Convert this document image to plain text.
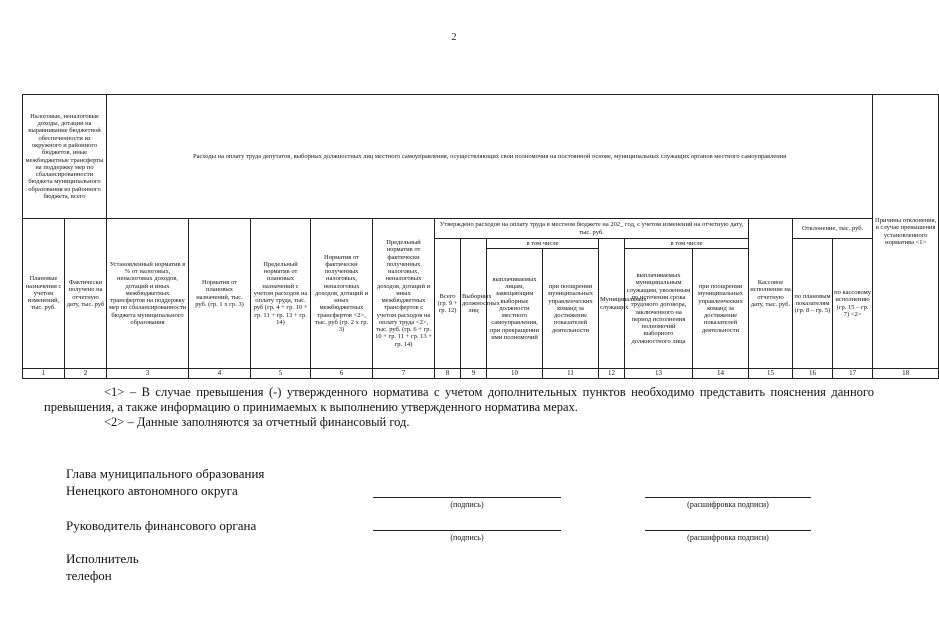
2
Налоговые, неналоговые доходы, дотации на выравнивание бюджетной обеспеченности из окружного и районного бюджетов, иные межбюджетные трансферты на поддержку мер по сбалансированности бюджета муниципального образования из районного бюджета, всего		Расходы на оплату труда депутатов, выборных должностных лиц местного самоуправления, осуществляющих свои полномочия на постоянной основе, муниципальных служащих органов местного самоуправления															Причины отклонения, в случае превышения установленного норматива <1>
Плановые назначения с учетом изменений, тыс. руб.	Фактически получено на отчетную дату, тыс. руб	Установленный норматив в % от налоговых, неналоговых доходов, дотаций и иных межбюджетных трансфертов на поддержку мер по сбалансированности бюджета муниципального образования	Норматив от плановых назначений, тыс. руб. (гр. 1 х гр. 3)	Предельный норматив от плановых назначений с учетом расходов на оплату труда, тыс. руб (гр. 4 + гр. 10 + гр. 11 + гр. 13 + гр. 14)	Норматив от фактически полученных налоговых, неналоговых доходов, дотаций и иных межбюджетных трансфертов <2>, тыс. руб (гр. 2 х гр. 3)	Предельный норматив от фактически полученных налоговых, неналоговых доходов, дотаций и иных межбюджетных трансфертов с учетом расходов на оплату труда <2>, тыс. руб. (гр. 6 + гр. 10 + гр. 11 + гр. 13 + гр. 14)	Утверждено расходов на оплату труда в местном бюджете на 202_ год, с учетом изменений на отчетную дату, тыс. руб.							Кассовое исполнение на отчетную дату, тыс. руб.	Отклонение, тыс. руб.		
							Всего (гр. 9 + гр. 12)	Выборных должностных лиц	в том числе		Муниципальных служащих	в том числе			по плановым показателям (гр. 8 – гр. 5)	по кассовому исполнению (гр. 15 – гр. 7) <2>	
									выплачиваемых лицам, замещающим выборные должности местного самоуправления, при прекращении ими полномочий	при поощрении муниципальных управленческих команд за достижение показателей деятельности		выплачиваемых муниципальным служащим, уволенным по истечении срока трудового договора, заключенного на период исполнения полномочий выборного должностного лица	при поощрении муниципальных управленческих команд за достижение показателей деятельности				
1	2	3	4	5	6	7	8	9	10	11	12	13	14	15	16	17	18

<1> – В случае превышения (-) утвержденного норматива с учетом дополнительных пунктов необходимо представить пояснения данного превышения, а также информацию о принимаемых к выполнению утвержденного норматива мерах.

<2> – Данные заполняются за отчетный финансовый год.

Глава муниципального образования
Ненецкого автономного округа
(подпись)	(расшифровка подписи)
Руководитель финансового органа
(подпись)	(расшифровка подписи)
Исполнитель
телефон
